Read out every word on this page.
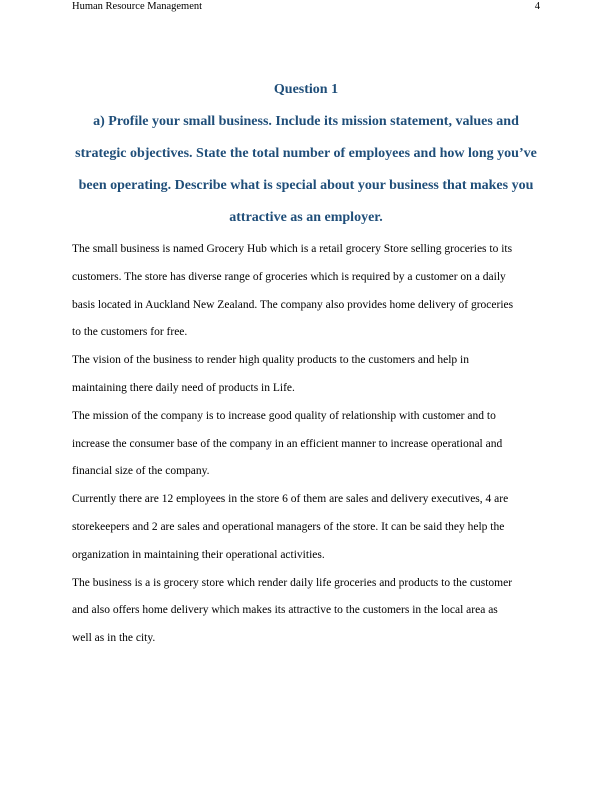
Human Resource Management	4
Question 1
a) Profile your small business. Include its mission statement, values and
strategic objectives. State the total number of employees and how long you’ve
been operating. Describe what is special about your business that makes you
attractive as an employer.
The small business is named Grocery Hub which is a retail grocery Store selling groceries to its
customers. The store has diverse range of groceries which is required by a customer on a daily
basis located in Auckland New Zealand. The company also provides home delivery of groceries
to the customers for free.
The vision of the business to render high quality products to the customers and help in
maintaining there daily need of products in Life.
The mission of the company is to increase good quality of relationship with customer and to
increase the consumer base of the company in an efficient manner to increase operational and
financial size of the company.
Currently there are 12 employees in the store 6 of them are sales and delivery executives, 4 are
storekeepers and 2 are sales and operational managers of the store. It can be said they help the
organization in maintaining their operational activities.
The business is a is grocery store which render daily life groceries and products to the customer
and also offers home delivery which makes its attractive to the customers in the local area as
well as in the city.
